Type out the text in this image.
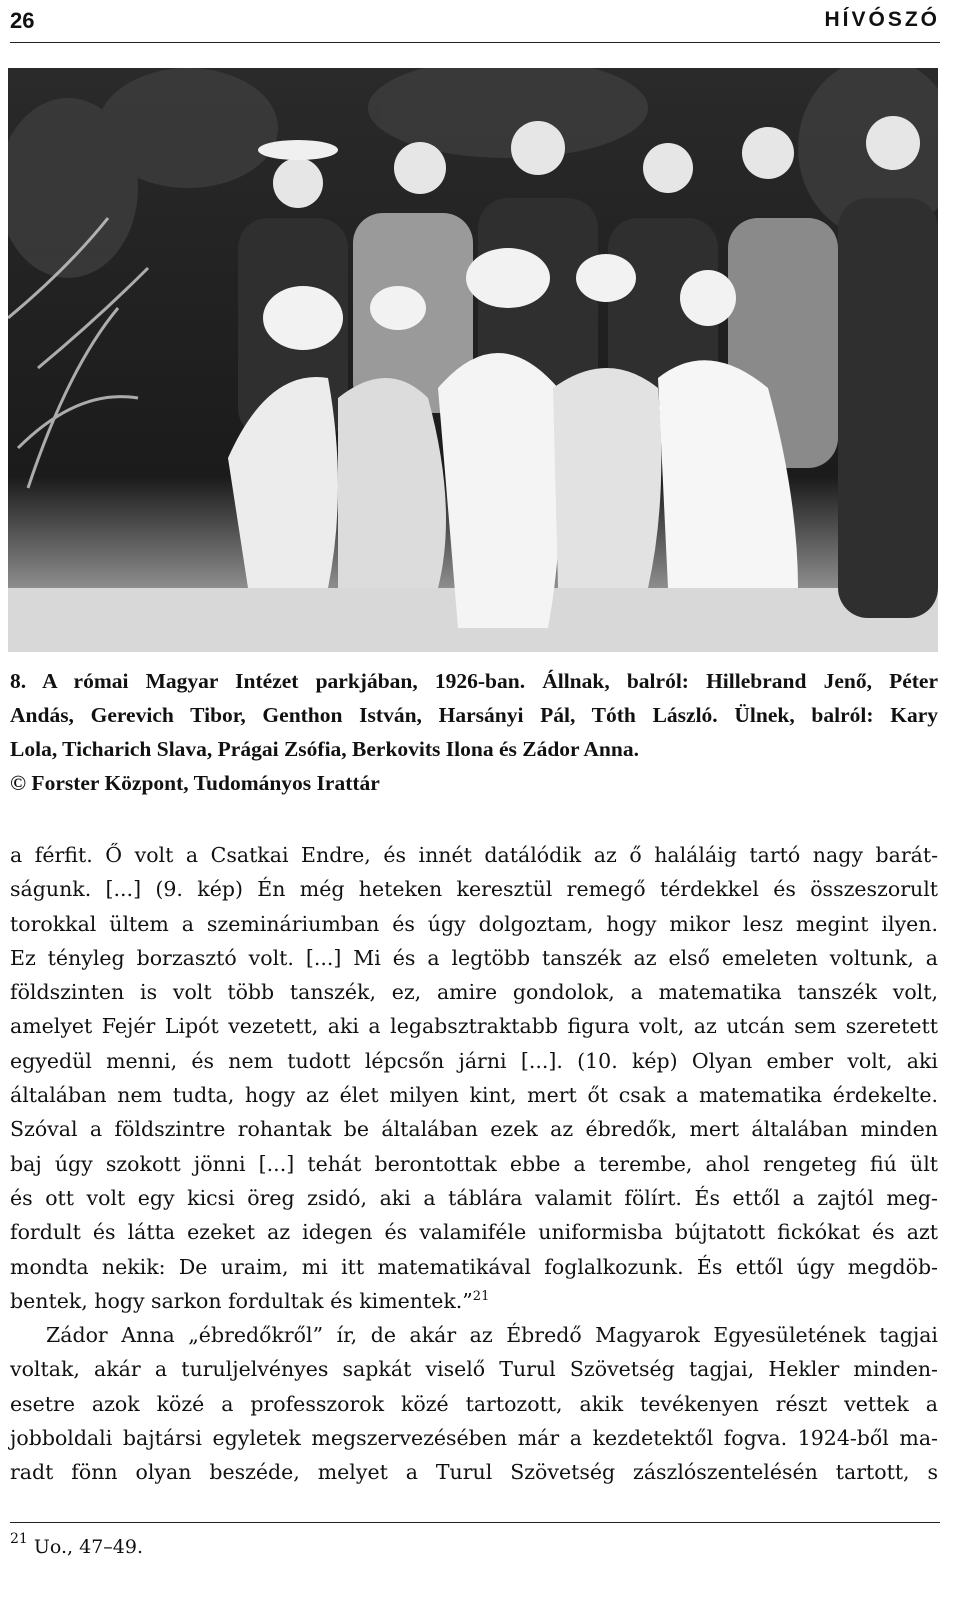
26	HÍVÓSZÓ

8. A római Magyar Intézet parkjában, 1926-ban. Állnak, balról: Hillebrand Jenő, Péter
Andás, Gerevich Tibor, Genthon István, Harsányi Pál, Tóth László. Ülnek, balról: Kary
Lola, Ticharich Slava, Prágai Zsófia, Berkovits Ilona és Zádor Anna.
© Forster Központ, Tudományos Irattár

a férfit. Ő volt a Csatkai Endre, és innét datálódik az ő haláláig tartó nagy barát-
ságunk. [...] (9. kép) Én még heteken keresztül remegő térdekkel és összeszorult
torokkal ültem a szemináriumban és úgy dolgoztam, hogy mikor lesz megint ilyen.
Ez tényleg borzasztó volt. [...] Mi és a legtöbb tanszék az első emeleten voltunk, a
földszinten is volt több tanszék, ez, amire gondolok, a matematika tanszék volt,
amelyet Fejér Lipót vezetett, aki a legabsztraktabb figura volt, az utcán sem szeretett
egyedül menni, és nem tudott lépcsőn járni [...]. (10. kép) Olyan ember volt, aki
általában nem tudta, hogy az élet milyen kint, mert őt csak a matematika érdekelte.
Szóval a földszintre rohantak be általában ezek az ébredők, mert általában minden
baj úgy szokott jönni [...] tehát berontottak ebbe a terembe, ahol rengeteg fiú ült
és ott volt egy kicsi öreg zsidó, aki a táblára valamit fölírt. És ettől a zajtól meg-
fordult és látta ezeket az idegen és valamiféle uniformisba bújtatott fickókat és azt
mondta nekik: De uraim, mi itt matematikával foglalkozunk. És ettől úgy megdöb-
bentek, hogy sarkon fordultak és kimentek.”$^{21}$
Zádor Anna „ébredőkről” ír, de akár az Ébredő Magyarok Egyesületének tagjai
voltak, akár a turuljelvényes sapkát viselő Turul Szövetség tagjai, Hekler minden-
esetre azok közé a professzorok közé tartozott, akik tevékenyen részt vettek a
jobboldali bajtársi egyletek megszervezésében már a kezdetektől fogva. 1924-ből ma-
radt fönn olyan beszéde, melyet a Turul Szövetség zászlószentelésén tartott, s
$^{21}$ Uo., 47–49.
